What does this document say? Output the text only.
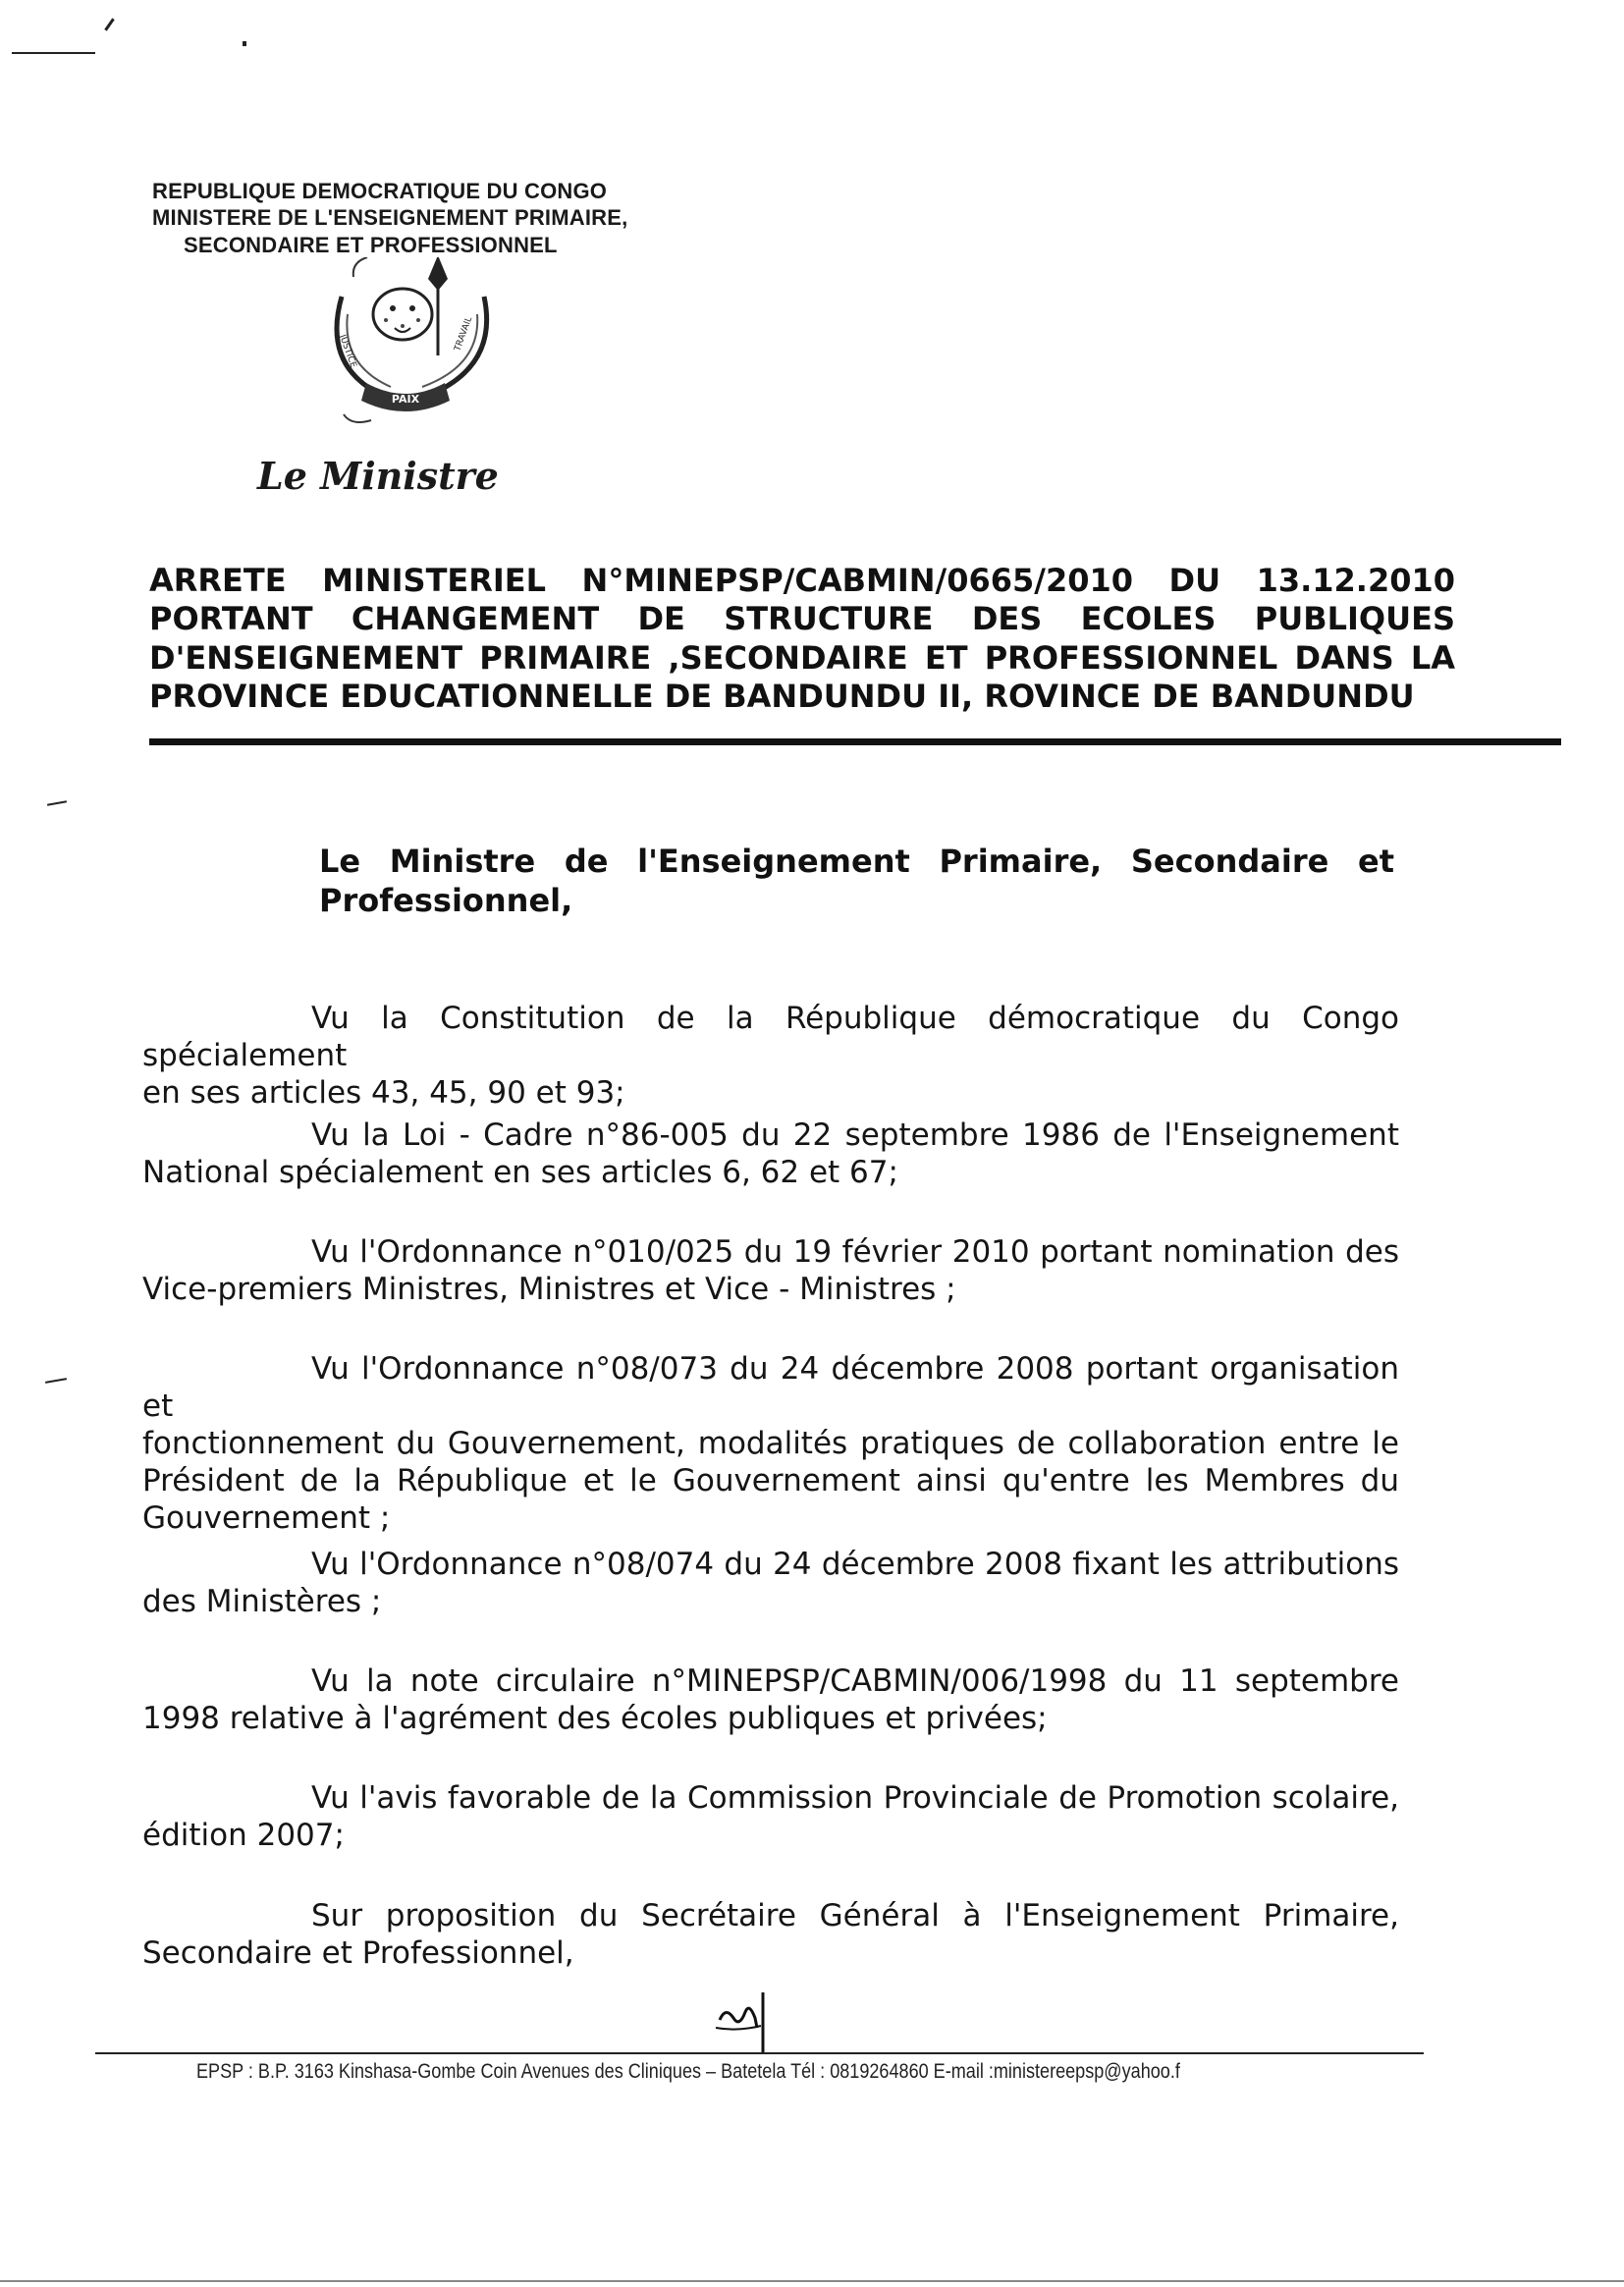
REPUBLIQUE DEMOCRATIQUE DU CONGO
MINISTERE DE L'ENSEIGNEMENT PRIMAIRE,
SECONDAIRE ET PROFESSIONNEL
PAIX
JUSTICE	TRAVAIL
Le Ministre
ARRETE MINISTERIEL N°MINEPSP/CABMIN/0665/2010 DU 13.12.2010
PORTANT CHANGEMENT DE STRUCTURE DES ECOLES PUBLIQUES
D'ENSEIGNEMENT PRIMAIRE ,SECONDAIRE ET PROFESSIONNEL DANS LA
PROVINCE EDUCATIONNELLE DE BANDUNDU II, ROVINCE DE BANDUNDU
Le Ministre de l'Enseignement Primaire, Secondaire et
Professionnel,
Vu la Constitution de la République démocratique du Congo spécialement
en ses articles 43, 45, 90 et 93;
Vu la Loi - Cadre n°86-005 du 22 septembre 1986 de l'Enseignement
National spécialement en ses articles 6, 62 et 67;
Vu l'Ordonnance n°010/025 du 19 février 2010 portant nomination des
Vice-premiers Ministres, Ministres et Vice - Ministres ;
Vu l'Ordonnance n°08/073 du 24 décembre 2008 portant organisation et
fonctionnement du Gouvernement, modalités pratiques de collaboration entre le Président de la République et le Gouvernement ainsi qu'entre les Membres du Gouvernement ;
Vu l'Ordonnance n°08/074 du 24 décembre 2008 fixant les attributions
des Ministères ;
Vu la note circulaire n°MINEPSP/CABMIN/006/1998 du 11 septembre
1998 relative à l'agrément des écoles publiques et privées;
Vu l'avis favorable de la Commission Provinciale de Promotion scolaire,
édition 2007;
Sur proposition du Secrétaire Général à l'Enseignement Primaire,
Secondaire et Professionnel,
EPSP : B.P. 3163 Kinshasa-Gombe Coin Avenues des Cliniques – Batetela Tél : 0819264860 E-mail :ministereepsp@yahoo.f
